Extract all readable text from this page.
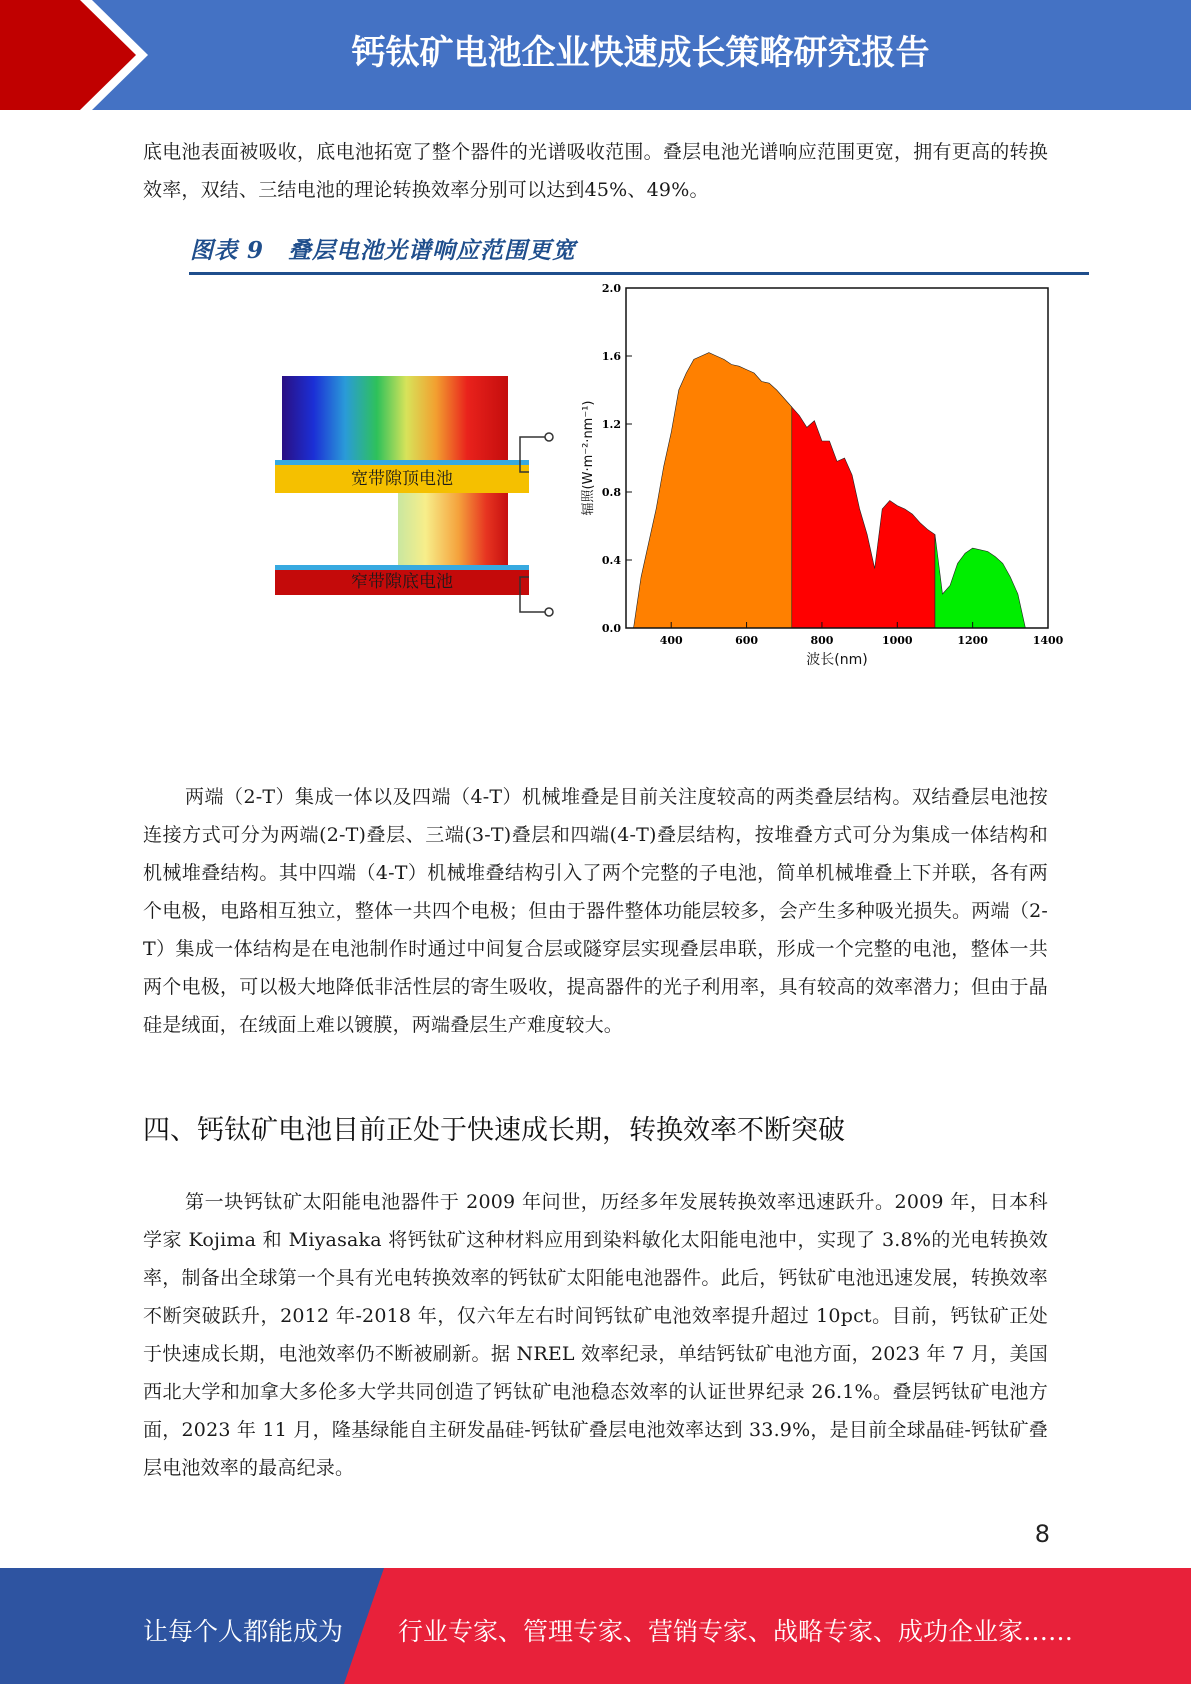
钙钛矿电池企业快速成长策略研究报告

底电池表面被吸收，底电池拓宽了整个器件的光谱吸收范围。叠层电池光谱响应范围更宽，拥有更高的转换效率，双结、三结电池的理论转换效率分别可以达到45%、49%。

图表 9　叠层电池光谱响应范围更宽
宽带隙顶电池
窄带隙底电池
400	600	800	1000	1200	1400
0.0
0.4
0.8
1.2
1.6
2.0
波长(nm)
辐照(W·m⁻²·nm⁻¹)

两端（2-T）集成一体以及四端（4-T）机械堆叠是目前关注度较高的两类叠层结构。双结叠层电池按连接方式可分为两端(2-T)叠层、三端(3-T)叠层和四端(4-T)叠层结构，按堆叠方式可分为集成一体结构和机械堆叠结构。其中四端（4-T）机械堆叠结构引入了两个完整的子电池，简单机械堆叠上下并联，各有两个电极，电路相互独立，整体一共四个电极；但由于器件整体功能层较多，会产生多种吸光损失。两端（2-T）集成一体结构是在电池制作时通过中间复合层或隧穿层实现叠层串联，形成一个完整的电池，整体一共两个电极，可以极大地降低非活性层的寄生吸收，提高器件的光子利用率，具有较高的效率潜力；但由于晶硅是绒面，在绒面上难以镀膜，两端叠层生产难度较大。

四、钙钛矿电池目前正处于快速成长期，转换效率不断突破

第一块钙钛矿太阳能电池器件于 2009 年问世，历经多年发展转换效率迅速跃升。2009 年，日本科学家 Kojima 和 Miyasaka 将钙钛矿这种材料应用到染料敏化太阳能电池中，实现了 3.8%的光电转换效率，制备出全球第一个具有光电转换效率的钙钛矿太阳能电池器件。此后，钙钛矿电池迅速发展，转换效率不断突破跃升，2012 年-2018 年，仅六年左右时间钙钛矿电池效率提升超过 10pct。目前，钙钛矿正处于快速成长期，电池效率仍不断被刷新。据 NREL 效率纪录，单结钙钛矿电池方面，2023 年 7 月，美国西北大学和加拿大多伦多大学共同创造了钙钛矿电池稳态效率的认证世界纪录 26.1%。叠层钙钛矿电池方面，2023 年 11 月，隆基绿能自主研发晶硅-钙钛矿叠层电池效率达到 33.9%，是目前全球晶硅-钙钛矿叠层电池效率的最高纪录。

8
让每个人都能成为 行业专家、管理专家、营销专家、战略专家、成功企业家……
